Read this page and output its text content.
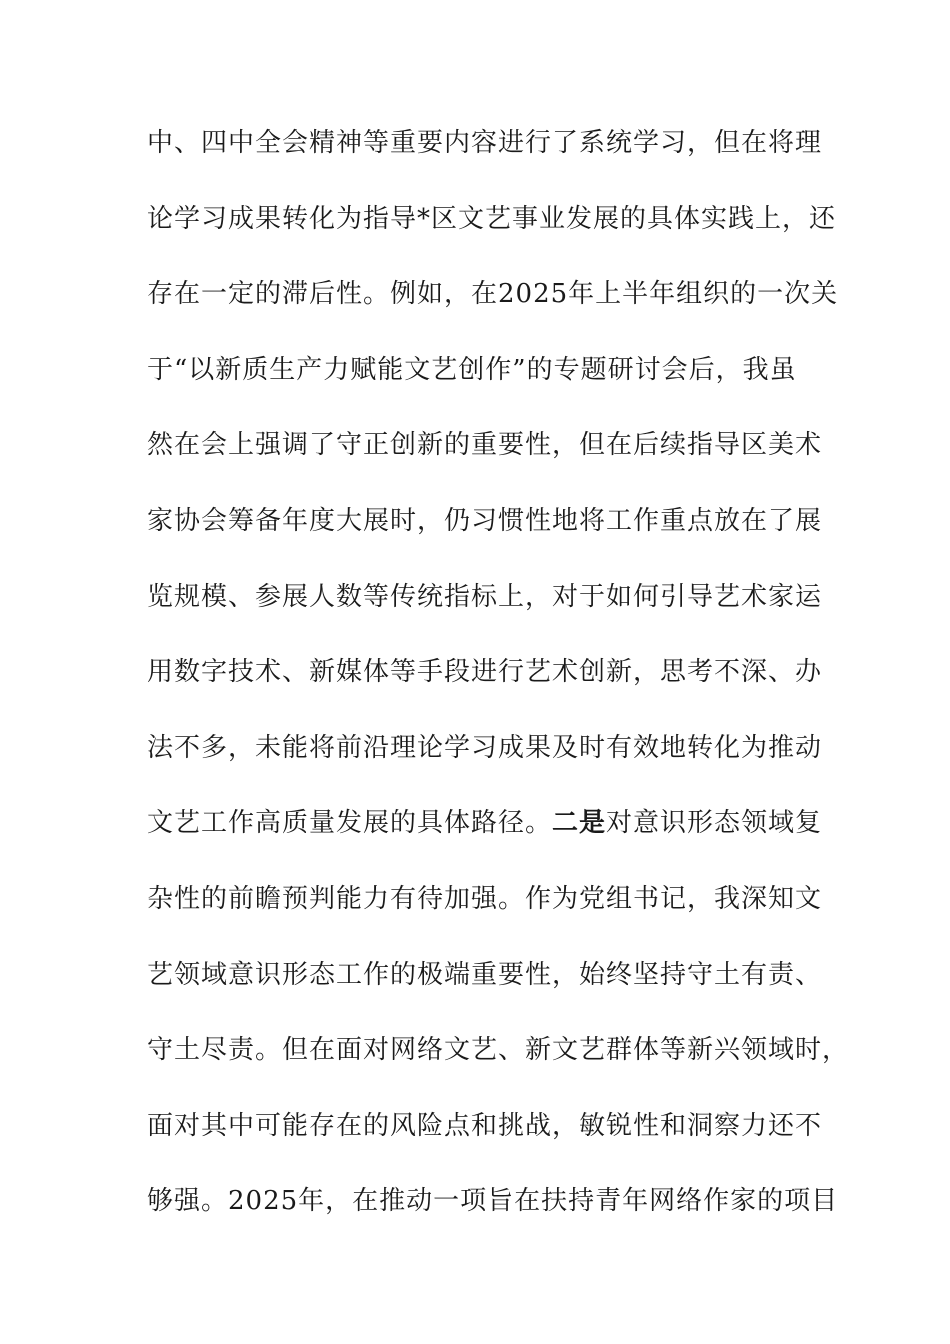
中、四中全会精神等重要内容进行了系统学习，但在将理
论学习成果转化为指导*区文艺事业发展的具体实践上，还
存在一定的滞后性。例如，在2025年上半年组织的一次关
于“以新质生产力赋能文艺创作”的专题研讨会后，我虽
然在会上强调了守正创新的重要性，但在后续指导区美术
家协会筹备年度大展时，仍习惯性地将工作重点放在了展
览规模、参展人数等传统指标上，对于如何引导艺术家运
用数字技术、新媒体等手段进行艺术创新，思考不深、办
法不多，未能将前沿理论学习成果及时有效地转化为推动
文艺工作高质量发展的具体路径。二是对意识形态领域复
杂性的前瞻预判能力有待加强。作为党组书记，我深知文
艺领域意识形态工作的极端重要性，始终坚持守土有责、
守土尽责。但在面对网络文艺、新文艺群体等新兴领域时，
面对其中可能存在的风险点和挑战，敏锐性和洞察力还不
够强。2025年，在推动一项旨在扶持青年网络作家的项目
